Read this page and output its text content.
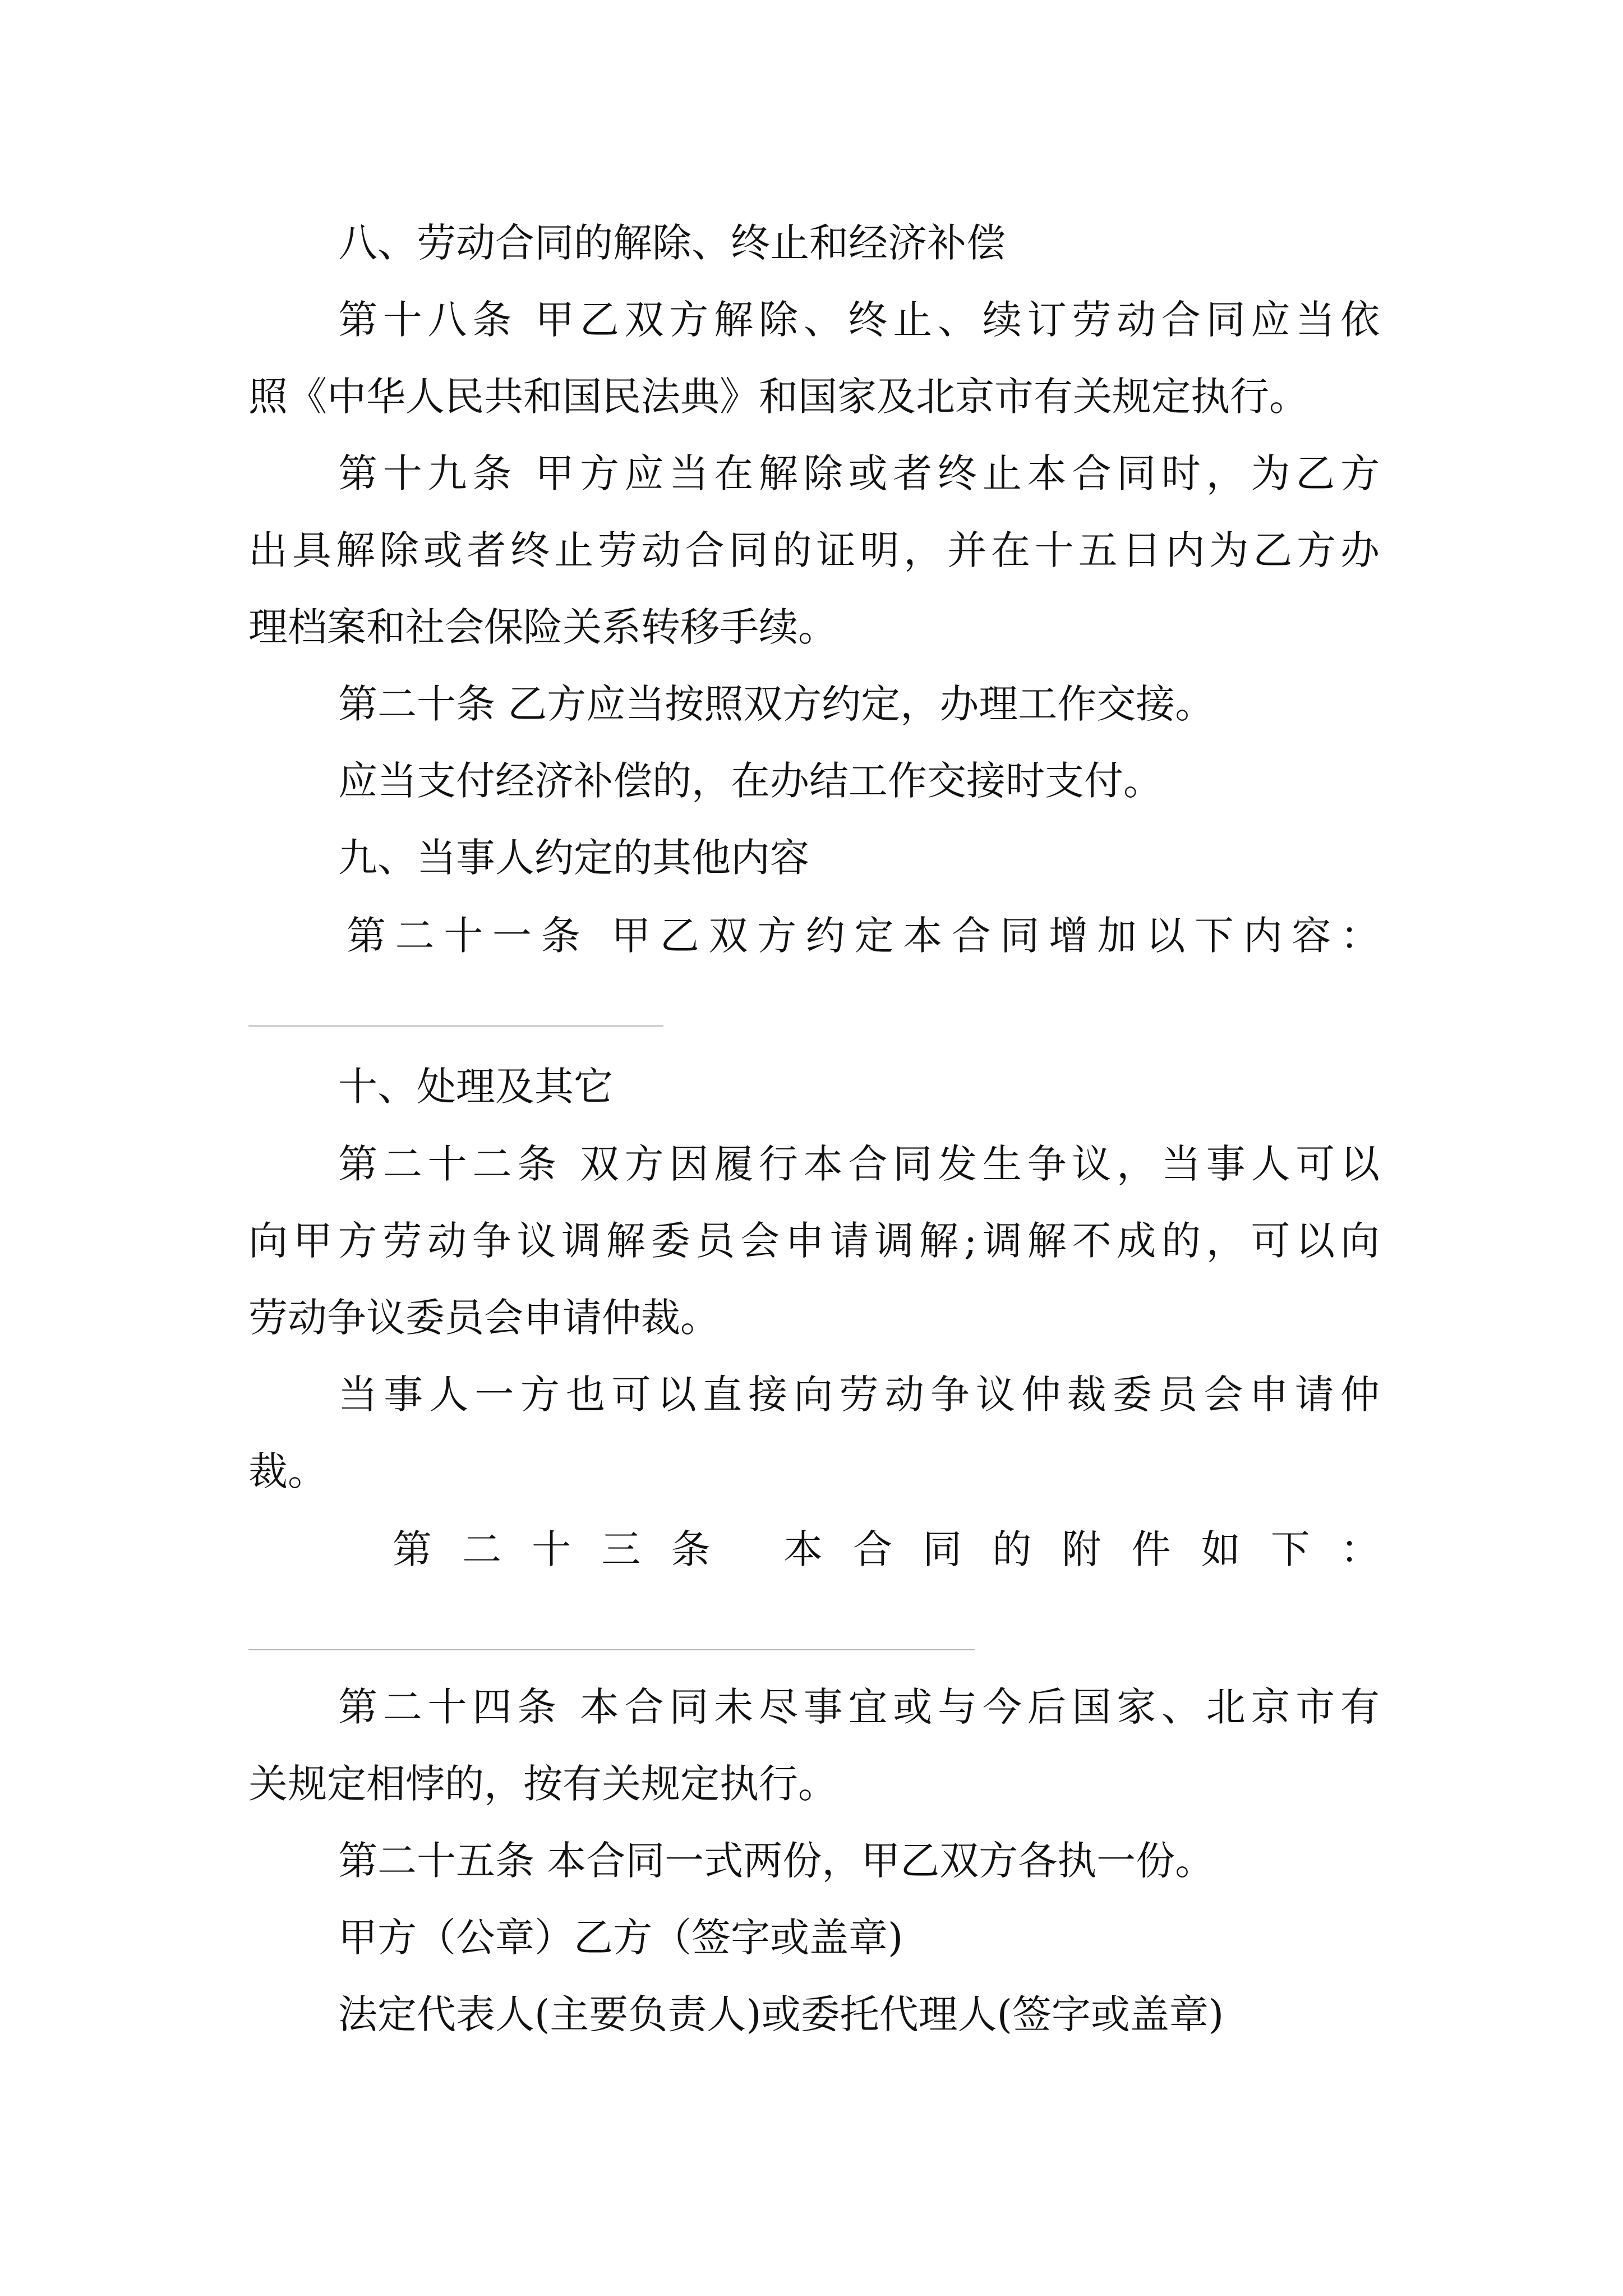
八、劳动合同的解除、终止和经济补偿

第十八条 甲乙双方解除、终止、续订劳动合同应当依

照《中华人民共和国民法典》和国家及北京市有关规定执行。

第十九条 甲方应当在解除或者终止本合同时，为乙方

出具解除或者终止劳动合同的证明，并在十五日内为乙方办

理档案和社会保险关系转移手续。

第二十条 乙方应当按照双方约定，办理工作交接。

应当支付经济补偿的，在办结工作交接时支付。

九、当事人约定的其他内容

第二十一条 甲乙双方约定本合同增加以下内容：

十、处理及其它

第二十二条 双方因履行本合同发生争议，当事人可以

向甲方劳动争议调解委员会申请调解;调解不成的，可以向

劳动争议委员会申请仲裁。

当事人一方也可以直接向劳动争议仲裁委员会申请仲

裁。

第二十三条 本合同的附件如下：

第二十四条 本合同未尽事宜或与今后国家、北京市有

关规定相悖的，按有关规定执行。

第二十五条 本合同一式两份，甲乙双方各执一份。

甲方（公章）乙方（签字或盖章)

法定代表人(主要负责人)或委托代理人(签字或盖章)
